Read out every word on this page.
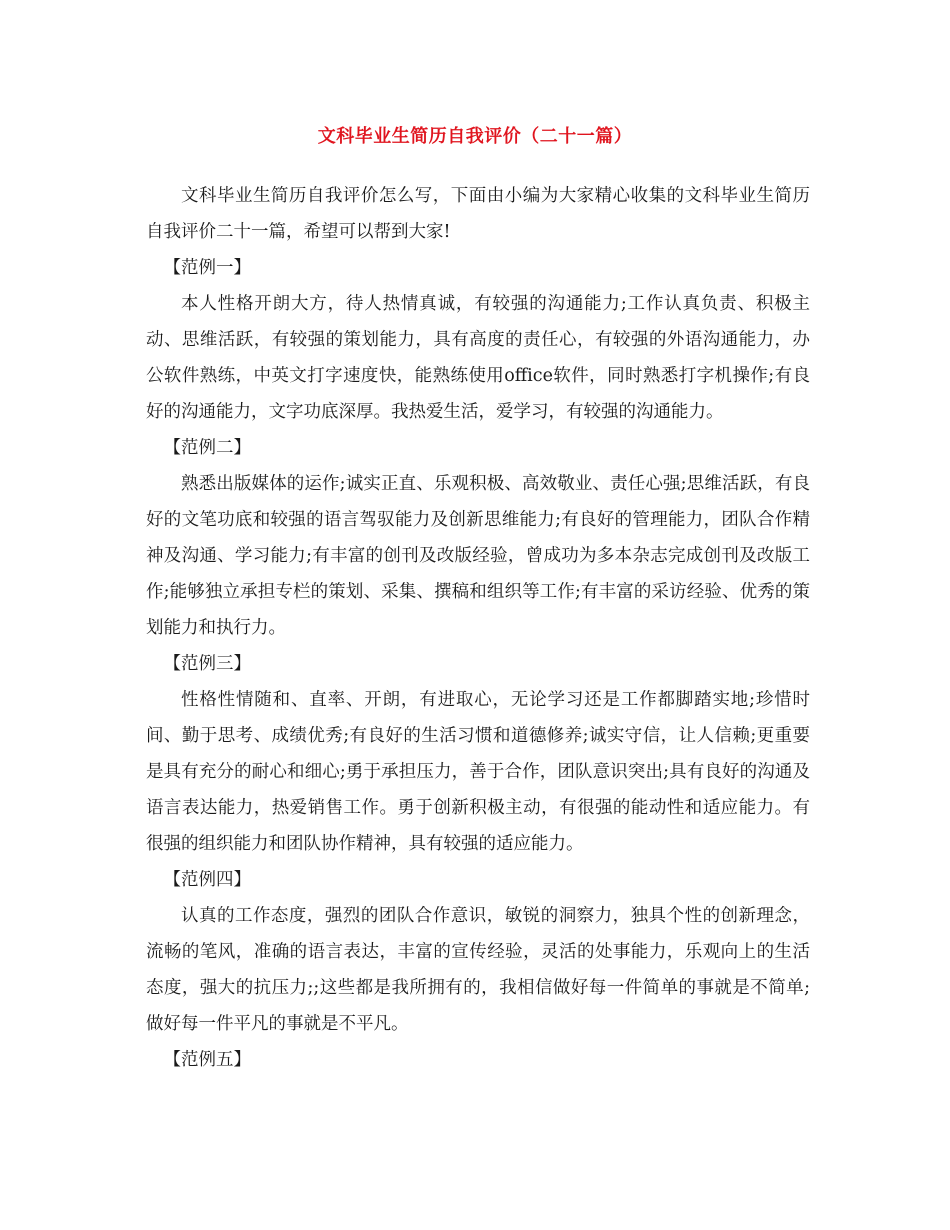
文科毕业生简历自我评价（二十一篇）

文科毕业生简历自我评价怎么写，下面由小编为大家精心收集的文科毕业生简历自我评价二十一篇，希望可以帮到大家!

【范例一】

本人性格开朗大方，待人热情真诚，有较强的沟通能力;工作认真负责、积极主动、思维活跃，有较强的策划能力，具有高度的责任心，有较强的外语沟通能力，办公软件熟练，中英文打字速度快，能熟练使用office软件，同时熟悉打字机操作;有良好的沟通能力，文字功底深厚。我热爱生活，爱学习，有较强的沟通能力。

【范例二】

熟悉出版媒体的运作;诚实正直、乐观积极、高效敬业、责任心强;思维活跃，有良好的文笔功底和较强的语言驾驭能力及创新思维能力;有良好的管理能力，团队合作精神及沟通、学习能力;有丰富的创刊及改版经验，曾成功为多本杂志完成创刊及改版工作;能够独立承担专栏的策划、采集、撰稿和组织等工作;有丰富的采访经验、优秀的策划能力和执行力。

【范例三】

性格性情随和、直率、开朗，有进取心，无论学习还是工作都脚踏实地;珍惜时间、勤于思考、成绩优秀;有良好的生活习惯和道德修养;诚实守信，让人信赖;更重要是具有充分的耐心和细心;勇于承担压力，善于合作，团队意识突出;具有良好的沟通及语言表达能力，热爱销售工作。勇于创新积极主动，有很强的能动性和适应能力。有很强的组织能力和团队协作精神，具有较强的适应能力。

【范例四】

认真的工作态度，强烈的团队合作意识，敏锐的洞察力，独具个性的创新理念，流畅的笔风，准确的语言表达，丰富的宣传经验，灵活的处事能力，乐观向上的生活态度，强大的抗压力;;这些都是我所拥有的，我相信做好每一件简单的事就是不简单;做好每一件平凡的事就是不平凡。

【范例五】
